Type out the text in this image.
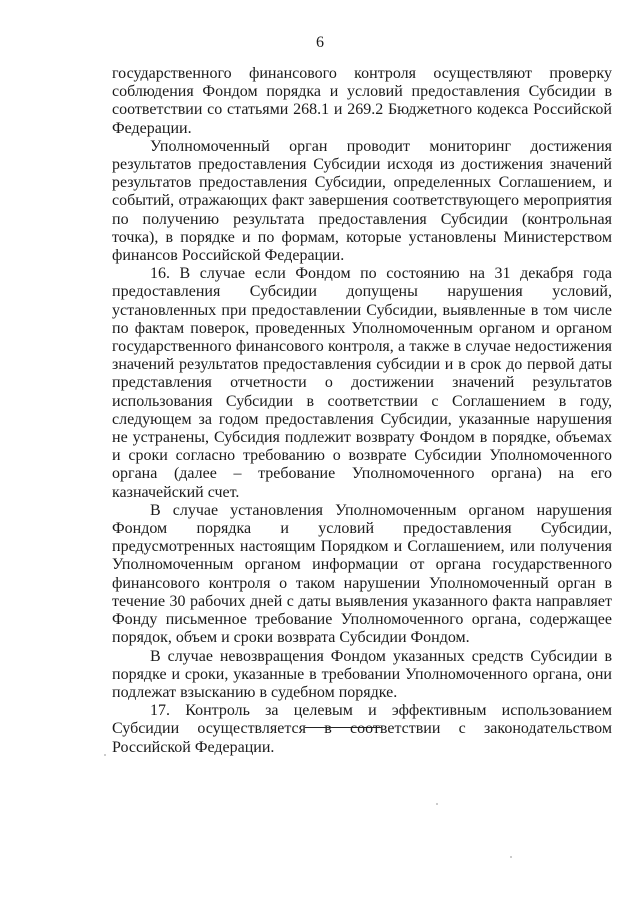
6

государственного финансового контроля осуществляют проверку соблюдения Фондом порядка и условий предоставления Субсидии в соответствии со статьями 268.1 и 269.2 Бюджетного кодекса Российской Федерации.

Уполномоченный орган проводит мониторинг достижения результатов предоставления Субсидии исходя из достижения значений результатов предоставления Субсидии, определенных Соглашением, и событий, отражающих факт завершения соответствующего мероприятия по получению результата предоставления Субсидии (контрольная точка), в порядке и по формам, которые установлены Министерством финансов Российской Федерации.

16. В случае если Фондом по состоянию на 31 декабря года предоставления Субсидии допущены нарушения условий, установленных при предоставлении Субсидии, выявленные в том числе по фактам поверок, проведенных Уполномоченным органом и органом государственного финансового контроля, а также в случае недостижения значений результатов предоставления субсидии и в срок до первой даты представления отчетности о достижении значений результатов использования Субсидии в соответствии с Соглашением в году, следующем за годом предоставления Субсидии, указанные нарушения не устранены, Субсидия подлежит возврату Фондом в порядке, объемах и сроки согласно требованию о возврате Субсидии Уполномоченного органа (далее – требование Уполномоченного органа) на его казначейский счет.

В случае установления Уполномоченным органом нарушения Фондом порядка и условий предоставления Субсидии, предусмотренных настоящим Порядком и Соглашением, или получения Уполномоченным органом информации от органа государственного финансового контроля о таком нарушении Уполномоченный орган в течение 30 рабочих дней с даты выявления указанного факта направляет Фонду письменное требование Уполномоченного органа, содержащее порядок, объем и сроки возврата Субсидии Фондом.

В случае невозвращения Фондом указанных средств Субсидии в порядке и сроки, указанные в требовании Уполномоченного органа, они подлежат взысканию в судебном порядке.

17. Контроль за целевым и эффективным использованием Субсидии осуществляется в соответствии с законодательством Российской Федерации.
